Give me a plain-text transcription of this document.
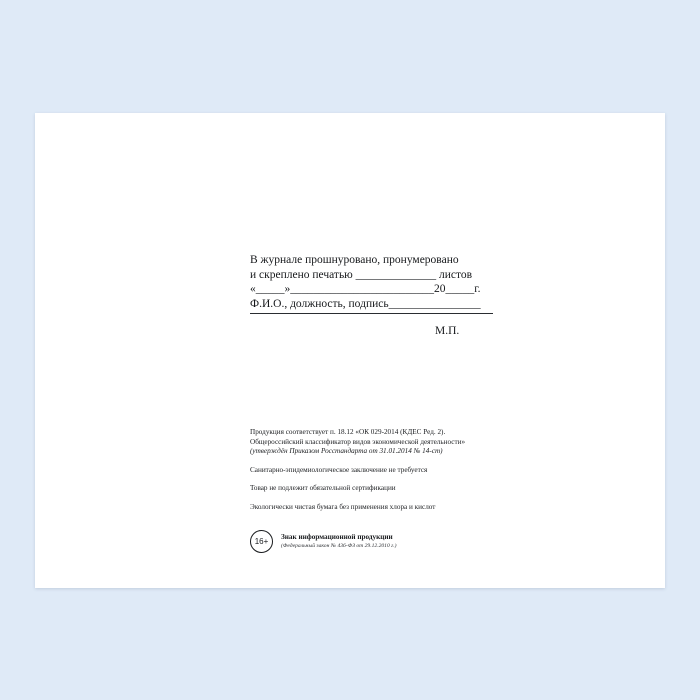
В журнале прошнуровано, пронумеровано
и скреплено печатью ______________ листов
«_____»_________________________20_____г.
Ф.И.О., должность, подпись________________
М.П.
Продукция соответствует п. 18.12 «ОК 029-2014 (КДЕС Ред. 2).
Общероссийский классификатор видов экономической деятельности»
(утверждён Приказом Росстандарта от 31.01.2014 № 14-ст)
Санитарно-эпидемиологическое заключение не требуется
Товар не подлежит обязательной сертификации
Экологически чистая бумага без применения хлора и кислот
16+
Знак информационной продукции
(Федеральный закон № 436-ФЗ от 29.12.2010 г.)
